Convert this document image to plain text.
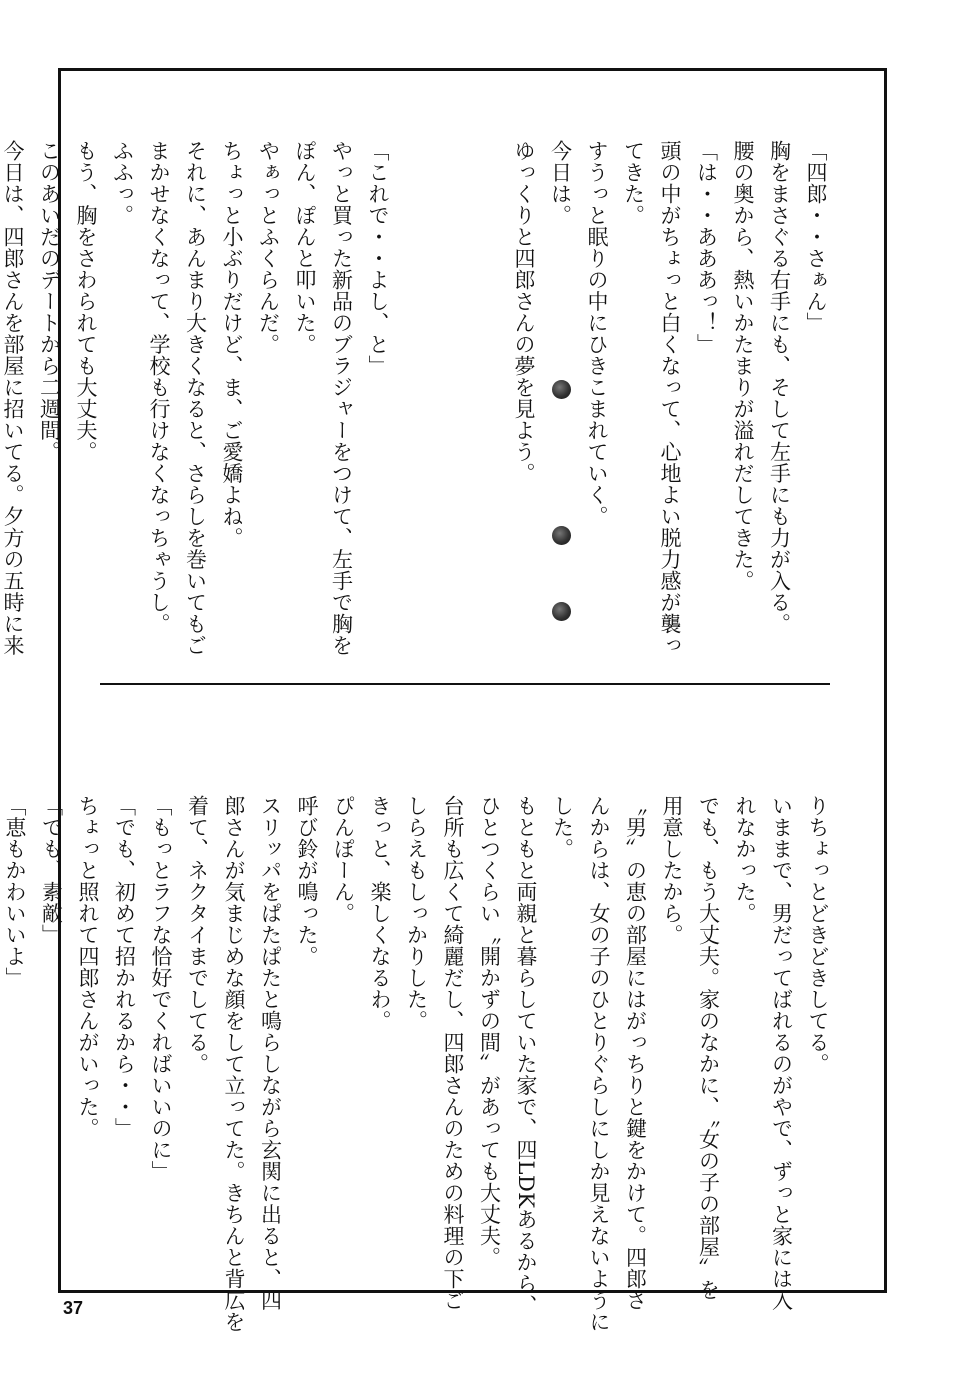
「四郎・・さぁん」
胸をまさぐる右手にも、そして左手にも力が入る。
腰の奥から、熱いかたまりが溢れだしてきた。
「は・・あああっ！」
頭の中がちょっと白くなって、心地よい脱力感が襲っ
てきた。
すうっと眠りの中にひきこまれていく。
今日は。
ゆっくりと四郎さんの夢を見よう。

「これで・・よし、と」
やっと買った新品のブラジャーをつけて、左手で胸を
ぽん、ぽんと叩いた。
やぁっとふくらんだ。
ちょっと小ぶりだけど、ま、ご愛嬌よね。
それに、あんまり大きくなると、さらしを巻いてもご
まかせなくなって、学校も行けなくなっちゃうし。
ふふっ。
もう、胸をさわられても大丈夫。
このあいだのデートから二週間。
今日は、四郎さんを部屋に招いてる。夕方の五時に来
りちょっとどきどきしてる。
いままで、男だってばれるのがやで、ずっと家には入
れなかった。
でも、もう大丈夫。家のなかに、〝女の子の部屋〟を
用意したから。
〝男〟の恵の部屋にはがっちりと鍵をかけて。四郎さ
んからは、女の子のひとりぐらしにしか見えないように
した。
もともと両親と暮らしていた家で、四LDKあるから、
ひとつくらい〝開かずの間〟があっても大丈夫。
台所も広くて綺麗だし、四郎さんのための料理の下ご
しらえもしっかりした。
きっと、楽しくなるわ。
ぴんぽーん。
呼び鈴が鳴った。
スリッパをぱたぱたと鳴らしながら玄関に出ると、四
郎さんが気まじめな顔をして立ってた。きちんと背広を
着て、ネクタイまでしてる。
「もっとラフな恰好でくればいいのに」
「でも、初めて招かれるから・・」
ちょっと照れて四郎さんがいった。
「でも、素敵」
「恵もかわいいよ」
37
